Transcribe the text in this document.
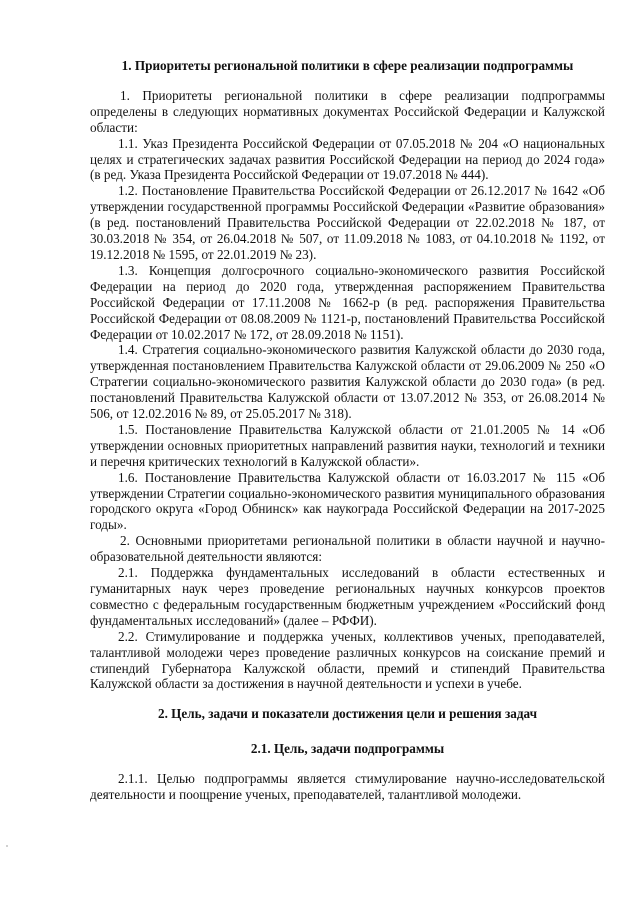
1. Приоритеты региональной политики в сфере реализации подпрограммы

1. Приоритеты региональной политики в сфере реализации подпрограммы определены в следующих нормативных документах Российской Федерации и Калужской области:

1.1. Указ Президента Российской Федерации от 07.05.2018 № 204 «О национальных целях и стратегических задачах развития Российской Федерации на период до 2024 года» (в ред. Указа Президента Российской Федерации от 19.07.2018 № 444).

1.2. Постановление Правительства Российской Федерации от 26.12.2017 № 1642 «Об утверждении государственной программы Российской Федерации «Развитие образования» (в ред. постановлений Правительства Российской Федерации от 22.02.2018 № 187, от 30.03.2018 № 354, от 26.04.2018 № 507, от 11.09.2018 № 1083, от 04.10.2018 № 1192, от 19.12.2018 № 1595, от 22.01.2019 № 23).

1.3. Концепция долгосрочного социально-экономического развития Российской Федерации на период до 2020 года, утвержденная распоряжением Правительства Российской Федерации от 17.11.2008 № 1662-р (в ред. распоряжения Правительства Российской Федерации от 08.08.2009 № 1121-р, постановлений Правительства Российской Федерации от 10.02.2017 № 172, от 28.09.2018 № 1151).

1.4. Стратегия социально-экономического развития Калужской области до 2030 года, утвержденная постановлением Правительства Калужской области от 29.06.2009 № 250 «О Стратегии социально-экономического развития Калужской области до 2030 года» (в ред. постановлений Правительства Калужской области от 13.07.2012 № 353, от 26.08.2014 № 506, от 12.02.2016 № 89, от 25.05.2017 № 318).

1.5. Постановление Правительства Калужской области от 21.01.2005 № 14 «Об утверждении основных приоритетных направлений развития науки, технологий и техники и перечня критических технологий в Калужской области».

1.6. Постановление Правительства Калужской области от 16.03.2017 № 115 «Об утверждении Стратегии социально-экономического развития муниципального образования городского округа «Город Обнинск» как наукограда Российской Федерации на 2017-2025 годы».

2. Основными приоритетами региональной политики в области научной и научно-образовательной деятельности являются:

2.1. Поддержка фундаментальных исследований в области естественных и гуманитарных наук через проведение региональных научных конкурсов проектов совместно с федеральным государственным бюджетным учреждением «Российский фонд фундаментальных исследований» (далее – РФФИ).

2.2. Стимулирование и поддержка ученых, коллективов ученых, преподавателей, талантливой молодежи через проведение различных конкурсов на соискание премий и стипендий Губернатора Калужской области, премий и стипендий Правительства Калужской области за достижения в научной деятельности и успехи в учебе.

2. Цель, задачи и показатели достижения цели и решения задач

2.1. Цель, задачи подпрограммы

2.1.1. Целью подпрограммы является стимулирование научно-исследовательской деятельности и поощрение ученых, преподавателей, талантливой молодежи.
